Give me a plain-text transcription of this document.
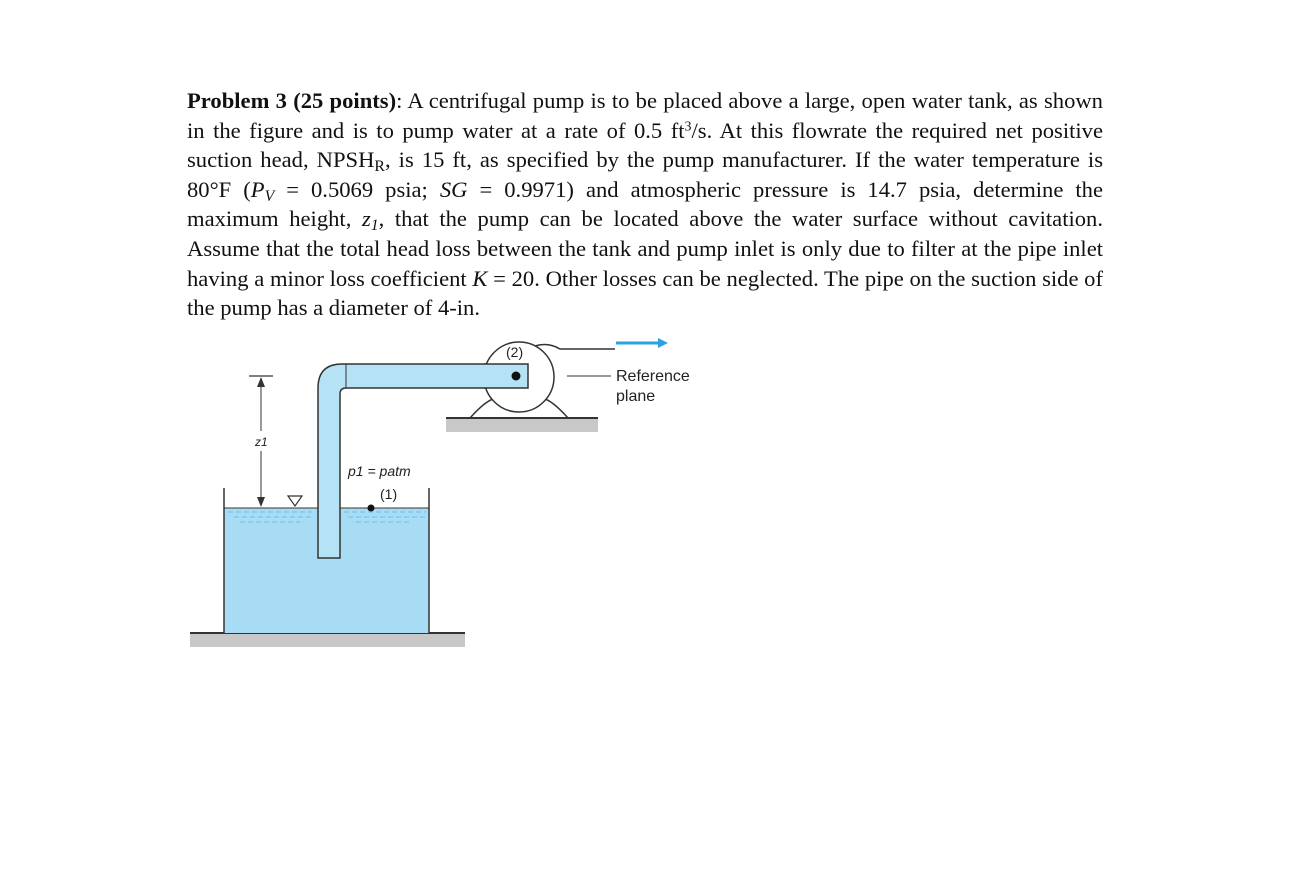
Problem 3 (25 points): A centrifugal pump is to be placed above a large, open water tank, as shown in the figure and is to pump water at a rate of 0.5 $ft^3/s$. At this flowrate the required net positive suction head, $NPSH_R$, is 15 ft, as specified by the pump manufacturer. If the water temperature is 80°F ($P_V = 0.5069$ psia; SG = 0.9971) and atmospheric pressure is 14.7 psia, determine the maximum height, $z_1$, that the pump can be located above the water surface without cavitation. Assume that the total head loss between the tank and pump inlet is only due to filter at the pipe inlet having a minor loss coefficient K = 20. Other losses can be neglected. The pipe on the suction side of the pump has a diameter of 4-in.
(2)
Reference
plane
z1
p1 = patm
(1)
